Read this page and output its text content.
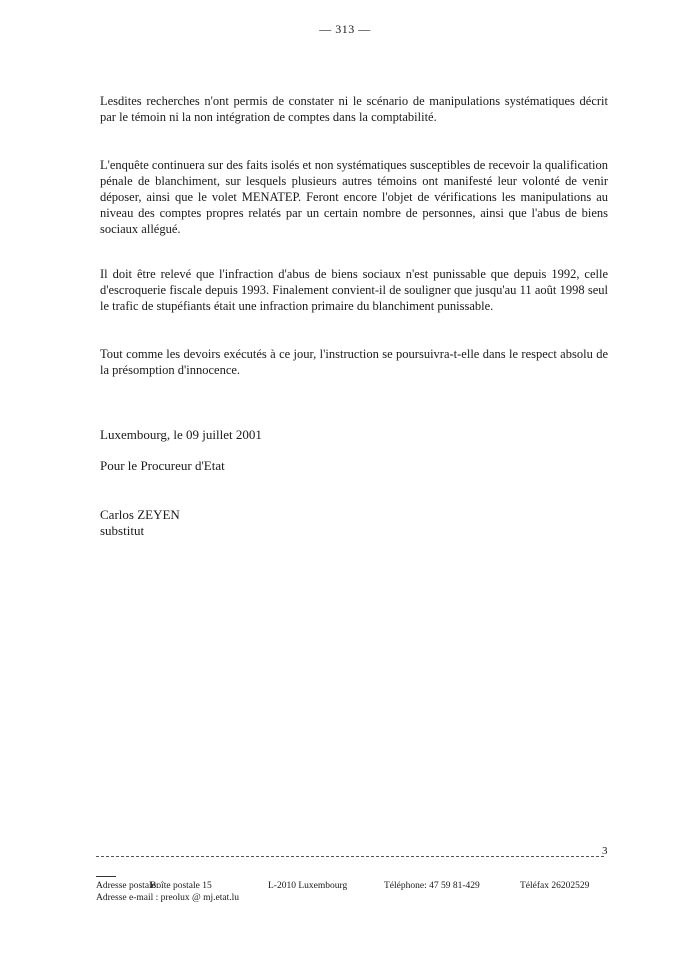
— 313 —

Lesdites recherches n'ont permis de constater ni le scénario de manipulations systématiques décrit par le témoin ni la non intégration de comptes dans la comptabilité.

L'enquête continuera sur des faits isolés et non systématiques susceptibles de recevoir la qualification pénale de blanchiment, sur lesquels plusieurs autres témoins ont manifesté leur volonté de venir déposer, ainsi que le volet MENATEP. Feront encore l'objet de vérifications les manipulations au niveau des comptes propres relatés par un certain nombre de personnes, ainsi que l'abus de biens sociaux allégué.

Il doit être relevé que l'infraction d'abus de biens sociaux n'est punissable que depuis 1992, celle d'escroquerie fiscale depuis 1993. Finalement convient-il de souligner que jusqu'au 11 août 1998 seul le trafic de stupéfiants était une infraction primaire du blanchiment punissable.

Tout comme les devoirs exécutés à ce jour, l'instruction se poursuivra-t-elle dans le respect absolu de la présomption d'innocence.

Luxembourg, le 09 juillet 2001
Pour le Procureur d'Etat
Carlos ZEYEN
substitut
3
Adresse postale:
Boîte postale 15	L-2010 Luxembourg	Téléphone: 47 59 81-429	Téléfax 26202529
Adresse e-mail : preolux @ mj.etat.lu
